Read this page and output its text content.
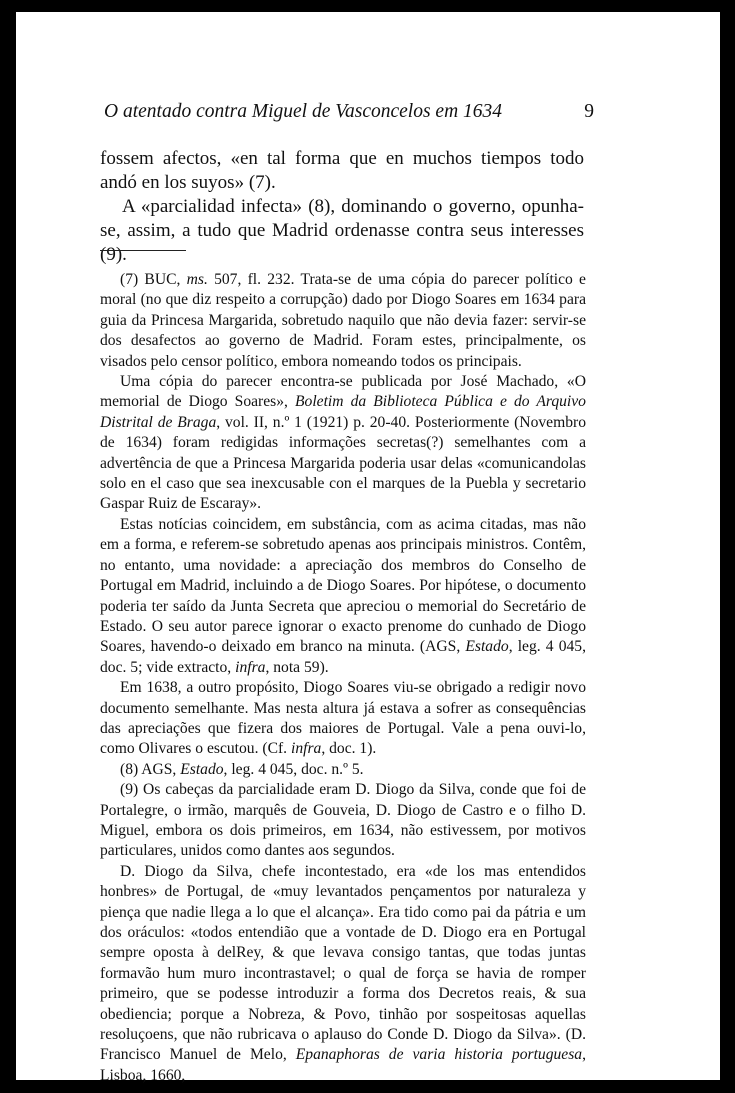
O atentado contra Miguel de Vasconcelos em 1634	9

fossem afectos, «en tal forma que en muchos tiempos todo andó en los suyos» (7).

A «parcialidad infecta» (8), dominando o governo, opunha-se, assim, a tudo que Madrid ordenasse contra seus interesses (9).

(7) BUC, ms. 507, fl. 232. Trata-se de uma cópia do parecer político e moral (no que diz respeito a corrupção) dado por Diogo Soares em 1634 para guia da Princesa Margarida, sobretudo naquilo que não devia fazer: servir-se dos desafectos ao governo de Madrid. Foram estes, principalmente, os visados pelo censor político, embora nomeando todos os principais.

Uma cópia do parecer encontra-se publicada por José Machado, «O memorial de Diogo Soares», Boletim da Biblioteca Pública e do Arquivo Distrital de Braga, vol. II, n.º 1 (1921) p. 20-40. Posteriormente (Novembro de 1634) foram redigidas informações secretas(?) semelhantes com a advertência de que a Princesa Margarida poderia usar delas «comunicandolas solo en el caso que sea inexcusable con el marques de la Puebla y secretario Gaspar Ruiz de Escaray».

Estas notícias coincidem, em substância, com as acima citadas, mas não em a forma, e referem-se sobretudo apenas aos principais ministros. Contêm, no entanto, uma novidade: a apreciação dos membros do Conselho de Portugal em Madrid, incluindo a de Diogo Soares. Por hipótese, o documento poderia ter saído da Junta Secreta que apreciou o memorial do Secretário de Estado. O seu autor parece ignorar o exacto prenome do cunhado de Diogo Soares, havendo-o deixado em branco na minuta. (AGS, Estado, leg. 4 045, doc. 5; vide extracto, infra, nota 59).

Em 1638, a outro propósito, Diogo Soares viu-se obrigado a redigir novo documento semelhante. Mas nesta altura já estava a sofrer as consequências das apreciações que fizera dos maiores de Portugal. Vale a pena ouvi-lo, como Olivares o escutou. (Cf. infra, doc. 1).

(8) AGS, Estado, leg. 4 045, doc. n.º 5.

(9) Os cabeças da parcialidade eram D. Diogo da Silva, conde que foi de Portalegre, o irmão, marquês de Gouveia, D. Diogo de Castro e o filho D. Miguel, embora os dois primeiros, em 1634, não estivessem, por motivos particulares, unidos como dantes aos segundos.

D. Diogo da Silva, chefe incontestado, era «de los mas entendidos honbres» de Portugal, de «muy levantados pençamentos por naturaleza y piença que nadie llega a lo que el alcança». Era tido como pai da pátria e um dos oráculos: «todos entendião que a vontade de D. Diogo era en Portugal sempre oposta à delRey, & que levava consigo tantas, que todas juntas formavão hum muro incontrastavel; o qual de força se havia de romper primeiro, que se podesse introduzir a forma dos Decretos reais, & sua obediencia; porque a Nobreza, & Povo, tinhão por sospeitosas aquellas resoluçoens, que não rubricava o aplauso do Conde D. Diogo da Silva». (D. Francisco Manuel de Melo, Epanaphoras de varia historia portuguesa, Lisboa, 1660,
